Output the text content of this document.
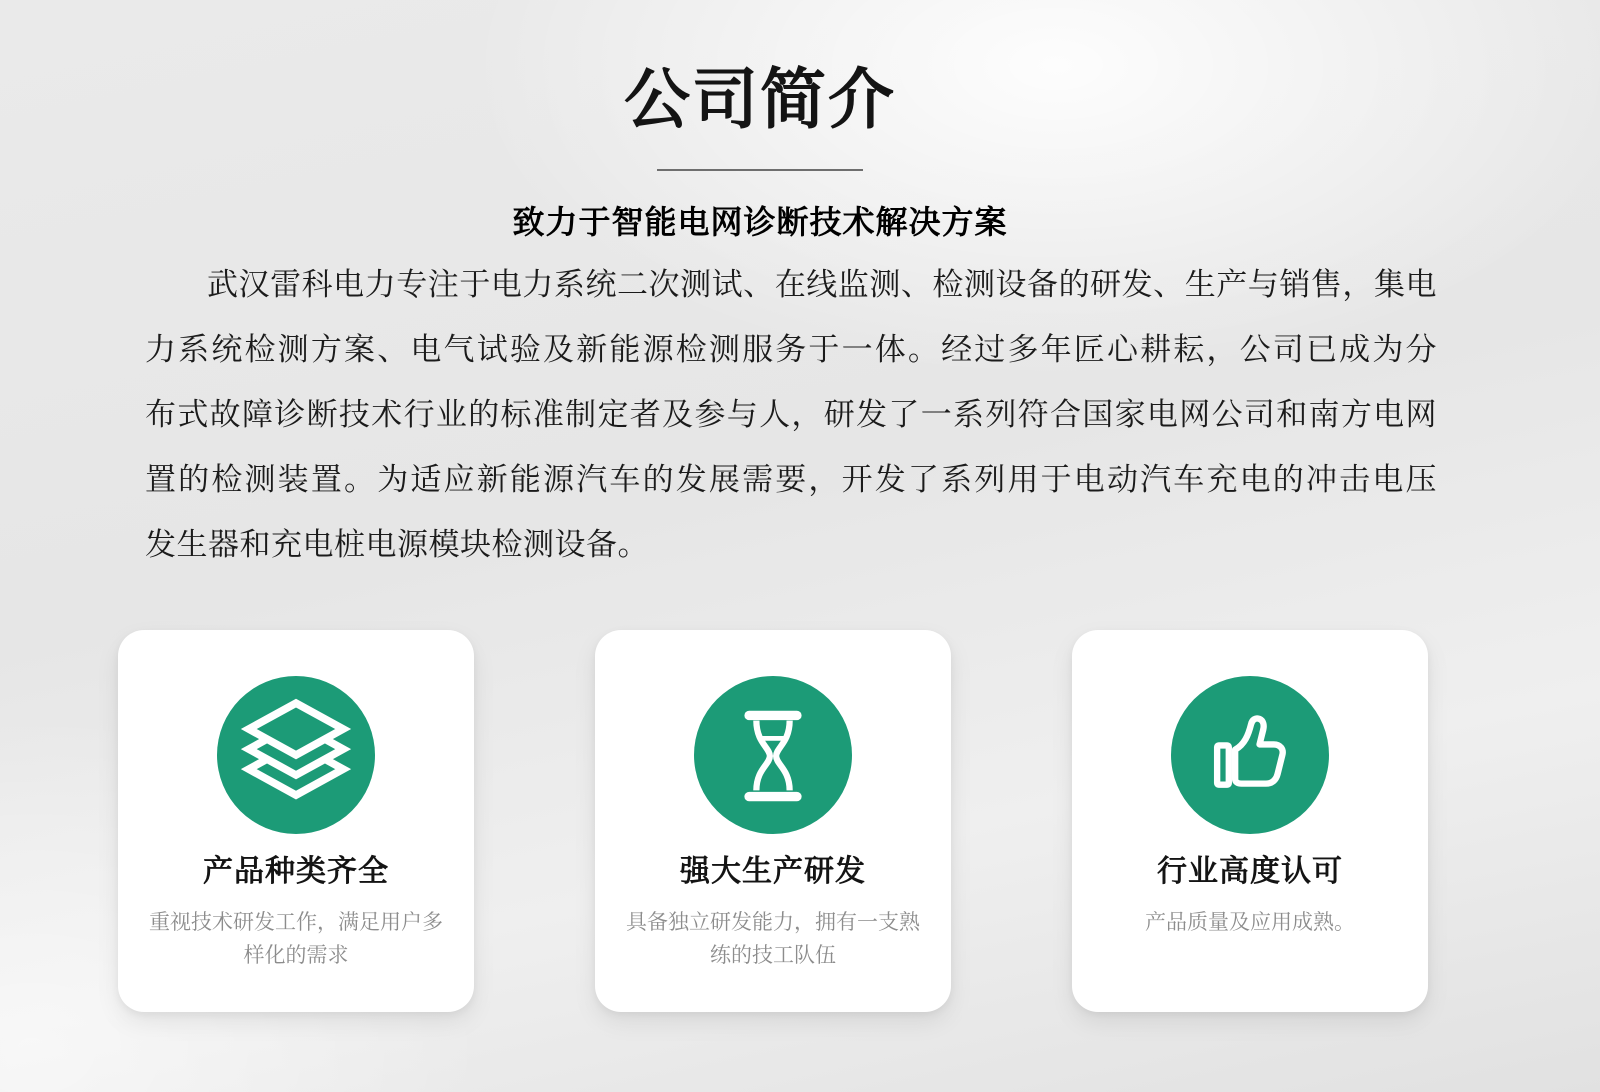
公司简介
致力于智能电网诊断技术解决方案
武汉雷科电力专注于电力系统二次测试、在线监测、检测设备的研发、生产与销售，集电
力系统检测方案、电气试验及新能源检测服务于一体。经过多年匠心耕耘，公司已成为分
布式故障诊断技术行业的标准制定者及参与人，研发了一系列符合国家电网公司和南方电网
置的检测装置。为适应新能源汽车的发展需要，开发了系列用于电动汽车充电的冲击电压
发生器和充电桩电源模块检测设备。
产品种类齐全
重视技术研发工作，满足用户多样化的需求
强大生产研发
具备独立研发能力，拥有一支熟练的技工队伍
行业高度认可
产品质量及应用成熟。
